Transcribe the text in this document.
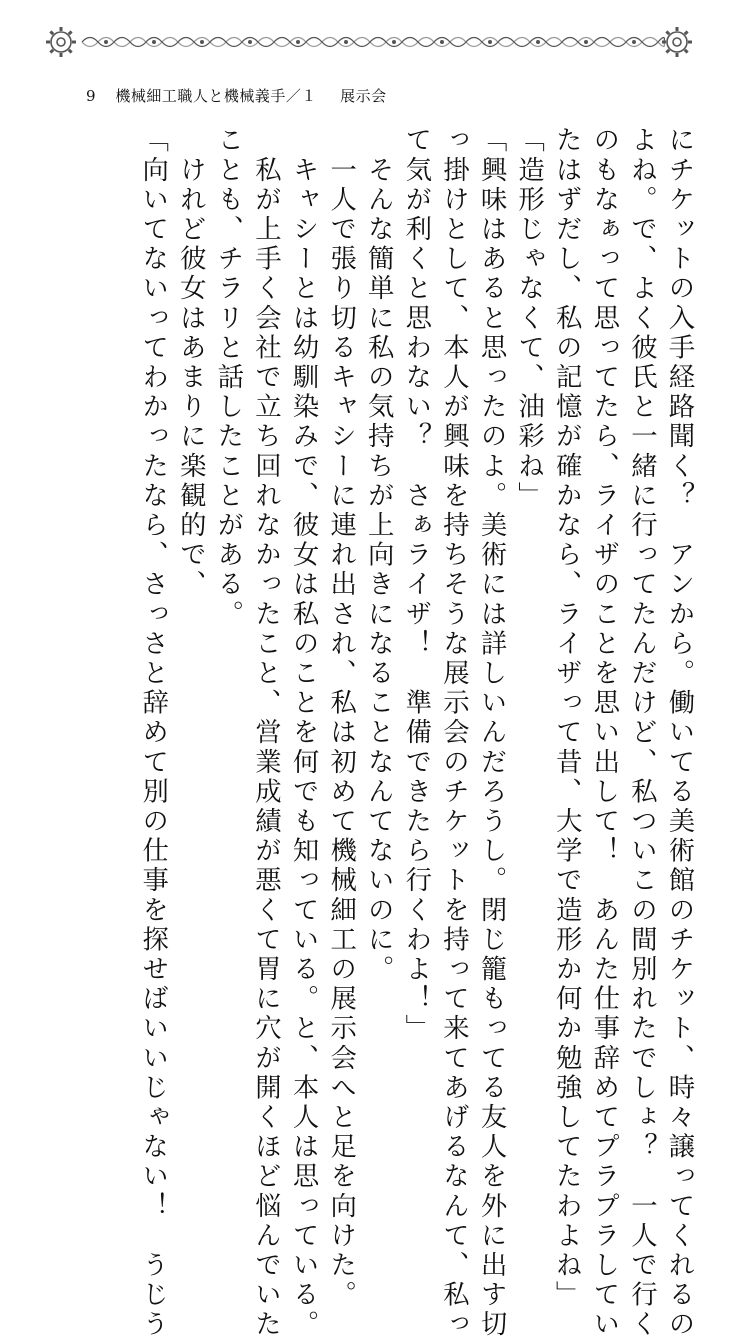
9 機械細工職人と機械義手／１ 展示会

にチケットの入手経路聞く？　アンから。働いてる美術館のチケット、時々譲ってくれるの

よね。で、よく彼氏と一緒に行ってたんだけど、私ついこの間別れたでしょ？　一人で行く

のもなぁって思ってたら、ライザのことを思い出して！　あんた仕事辞めてプラプラしてい

たはずだし、私の記憶が確かなら、ライザって昔、大学で造形か何か勉強してたわよね」

「造形じゃなくて、油彩ね」

「興味はあると思ったのよ。美術には詳しいんだろうし。閉じ籠もってる友人を外に出す切

っ掛けとして、本人が興味を持ちそうな展示会のチケットを持って来てあげるなんて、私っ

て気が利くと思わない？　さぁライザ！　準備できたら行くわよ！」

　そんな簡単に私の気持ちが上向きになることなんてないのに。

　一人で張り切るキャシーに連れ出され、私は初めて機械細工の展示会へと足を向けた。

　キャシーとは幼馴染みで、彼女は私のことを何でも知っている。と、本人は思っている。

　私が上手く会社で立ち回れなかったこと、営業成績が悪くて胃に穴が開くほど悩んでいた

ことも、チラリと話したことがある。

　けれど彼女はあまりに楽観的で、

「向いてないってわかったなら、さっさと辞めて別の仕事を探せばいいじゃない！　うじう
